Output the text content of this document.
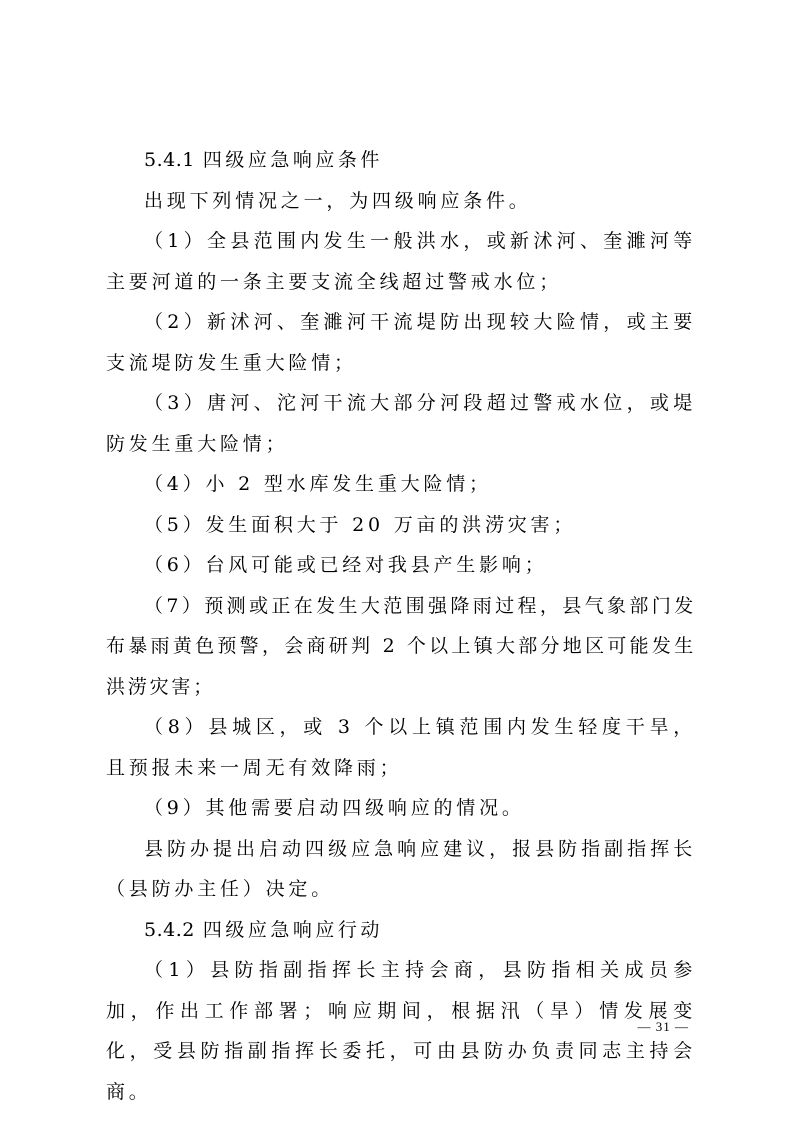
5.4.1 四级应急响应条件

出现下列情况之一，为四级响应条件。

（1）全县范围内发生一般洪水，或新沭河、奎濉河等主要河道的一条主要支流全线超过警戒水位；

（2）新沭河、奎濉河干流堤防出现较大险情，或主要支流堤防发生重大险情；

（3）唐河、沱河干流大部分河段超过警戒水位，或堤防发生重大险情；

（4）小 2 型水库发生重大险情；

（5）发生面积大于 20 万亩的洪涝灾害；

（6）台风可能或已经对我县产生影响；

（7）预测或正在发生大范围强降雨过程，县气象部门发布暴雨黄色预警，会商研判 2 个以上镇大部分地区可能发生洪涝灾害；

（8）县城区，或 3 个以上镇范围内发生轻度干旱，且预报未来一周无有效降雨；

（9）其他需要启动四级响应的情况。

县防办提出启动四级应急响应建议，报县防指副指挥长（县防办主任）决定。

5.4.2 四级应急响应行动

（1）县防指副指挥长主持会商，县防指相关成员参加，作出工作部署；响应期间，根据汛（旱）情发展变化，受县防指副指挥长委托，可由县防办负责同志主持会商。

— 31 —
